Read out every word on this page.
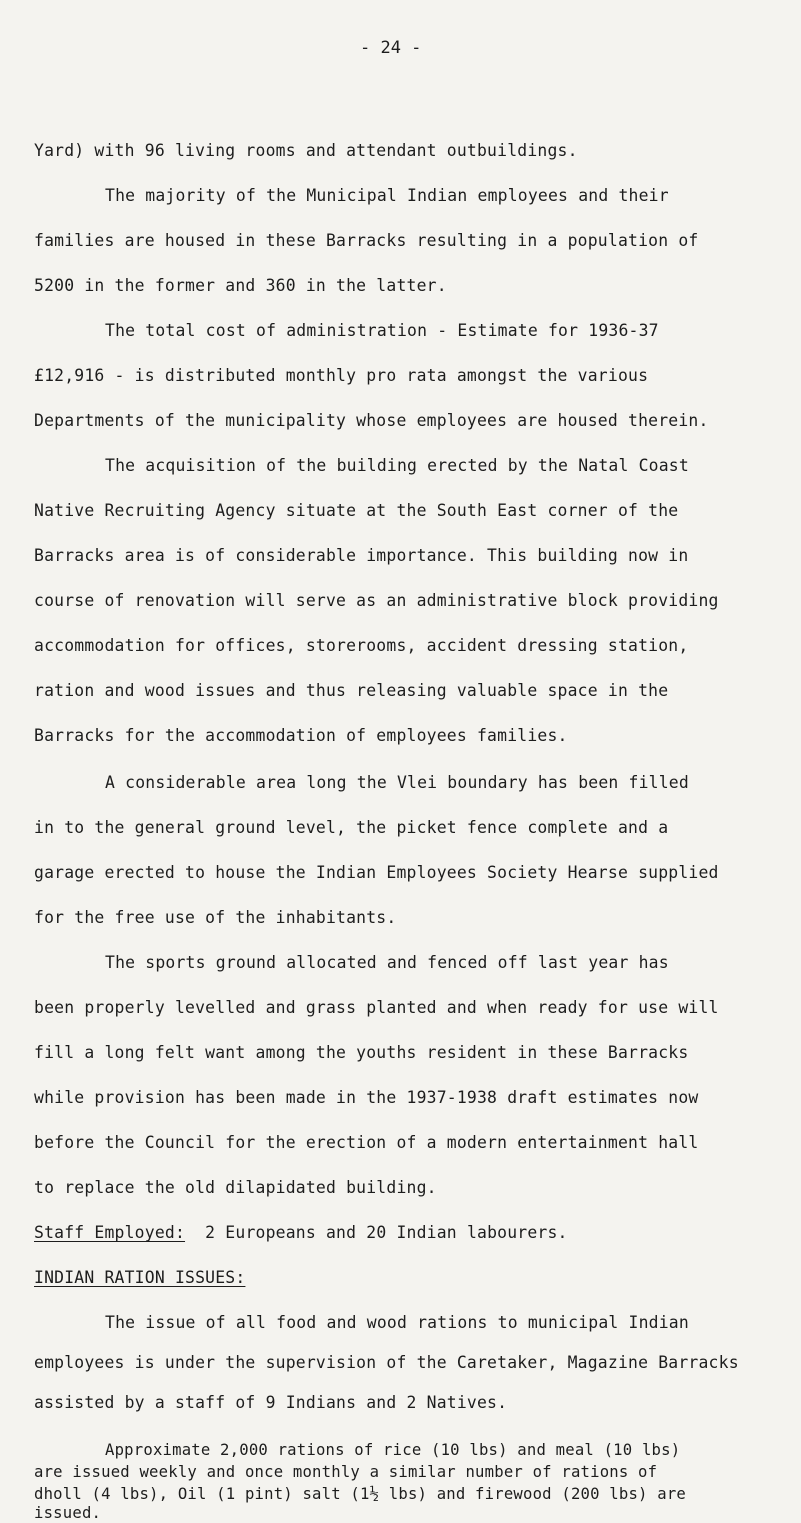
- 24 -
Yard) with 96 living rooms and attendant outbuildings.
The majority of the Municipal Indian employees and their
families are housed in these Barracks resulting in a population of
5200 in the former and 360 in the latter.
The total cost of administration - Estimate for 1936-37
£12,916 - is distributed monthly pro rata amongst the various
Departments of the municipality whose employees are housed therein.
The acquisition of the building erected by the Natal Coast
Native Recruiting Agency situate at the South East corner of the
Barracks area is of considerable importance. This building now in
course of renovation will serve as an administrative block providing
accommodation for offices, storerooms, accident dressing station,
ration and wood issues and thus releasing valuable space in the
Barracks for the accommodation of employees families.
A considerable area long the Vlei boundary has been filled
in to the general ground level, the picket fence complete and a
garage erected to house the Indian Employees Society Hearse supplied
for the free use of the inhabitants.
The sports ground allocated and fenced off last year has
been properly levelled and grass planted and when ready for use will
fill a long felt want among the youths resident in these Barracks
while provision has been made in the 1937-1938 draft estimates now
before the Council for the erection of a modern entertainment hall
to replace the old dilapidated building.
Staff Employed: 2 Europeans and 20 Indian labourers.
INDIAN RATION ISSUES:
The issue of all food and wood rations to municipal Indian
employees is under the supervision of the Caretaker, Magazine Barracks
assisted by a staff of 9 Indians and 2 Natives.
Approximate 2,000 rations of rice (10 lbs) and meal (10 lbs)
are issued weekly and once monthly a similar number of rations of
dholl (4 lbs), Oil (1 pint) salt (1½ lbs) and firewood (200 lbs) are
issued.
